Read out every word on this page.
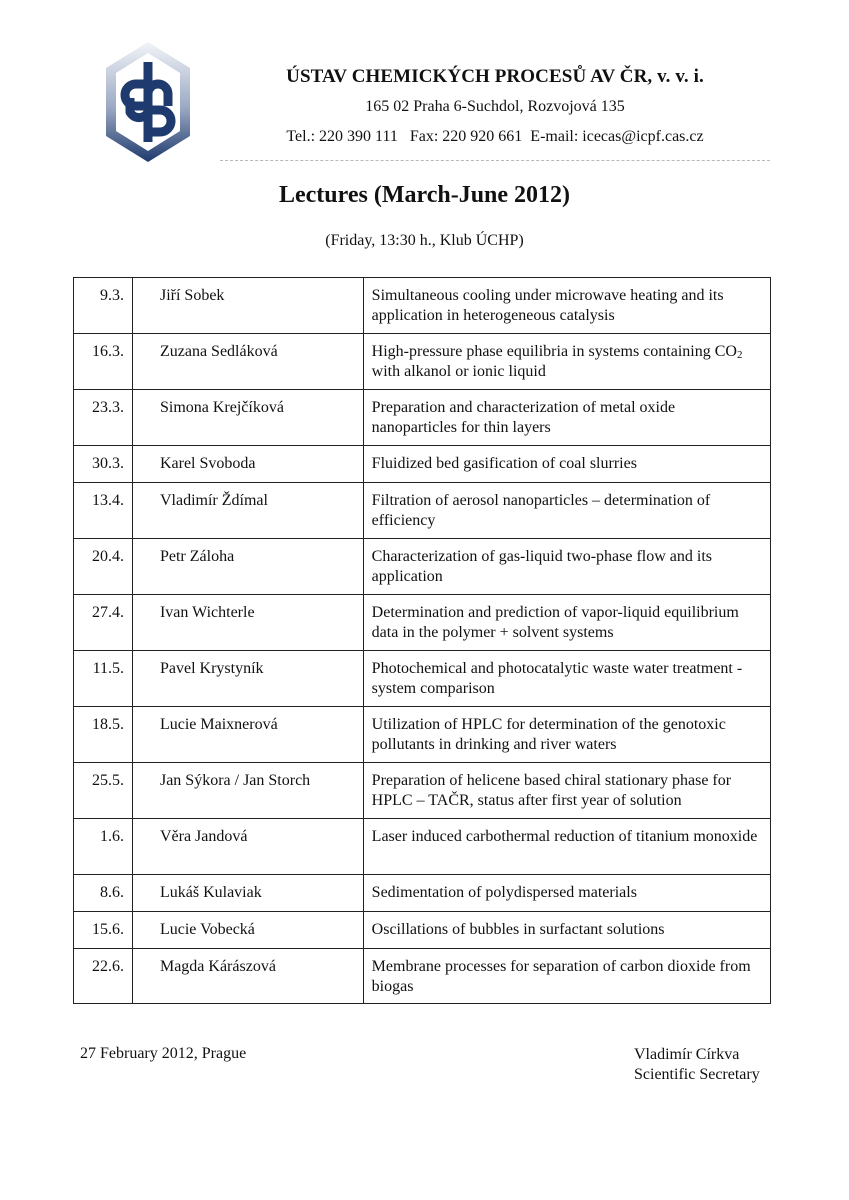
ÚSTAV CHEMICKÝCH PROCESŮ AV ČR, v. v. i.
165 02 Praha 6-Suchdol, Rozvojová 135
Tel.: 220 390 111   Fax: 220 920 661  E-mail: icecas@icpf.cas.cz
Lectures (March-June 2012)
(Friday, 13:30 h., Klub ÚCHP)
9.3.	Jiří Sobek	Simultaneous cooling under microwave heating and its application in heterogeneous catalysis
16.3.	Zuzana Sedláková	High-pressure phase equilibria in systems containing $CO_2$ with alkanol or ionic liquid
23.3.	Simona Krejčíková	Preparation and characterization of metal oxide nanoparticles for thin layers
30.3.	Karel Svoboda	Fluidized bed gasification of coal slurries
13.4.	Vladimír Ždímal	Filtration of aerosol nanoparticles – determination of efficiency
20.4.	Petr Záloha	Characterization of gas-liquid two-phase flow and its application
27.4.	Ivan Wichterle	Determination and prediction of vapor-liquid equilibrium data in the polymer + solvent systems
11.5.	Pavel Krystyník	Photochemical and photocatalytic waste water treatment - system comparison
18.5.	Lucie Maixnerová	Utilization of HPLC for determination of the genotoxic pollutants in drinking and river waters
25.5.	Jan Sýkora / Jan Storch	Preparation of helicene based chiral stationary phase for HPLC – TAČR, status after first year of solution
1.6.	Věra Jandová	Laser induced carbothermal reduction of titanium monoxide
8.6.	Lukáš Kulaviak	Sedimentation of polydispersed materials
15.6.	Lucie Vobecká	Oscillations of bubbles in surfactant solutions
22.6.	Magda Kárászová	Membrane processes for separation of carbon dioxide from biogas
27 February 2012, Prague	Vladimír Církva
Scientific Secretary
